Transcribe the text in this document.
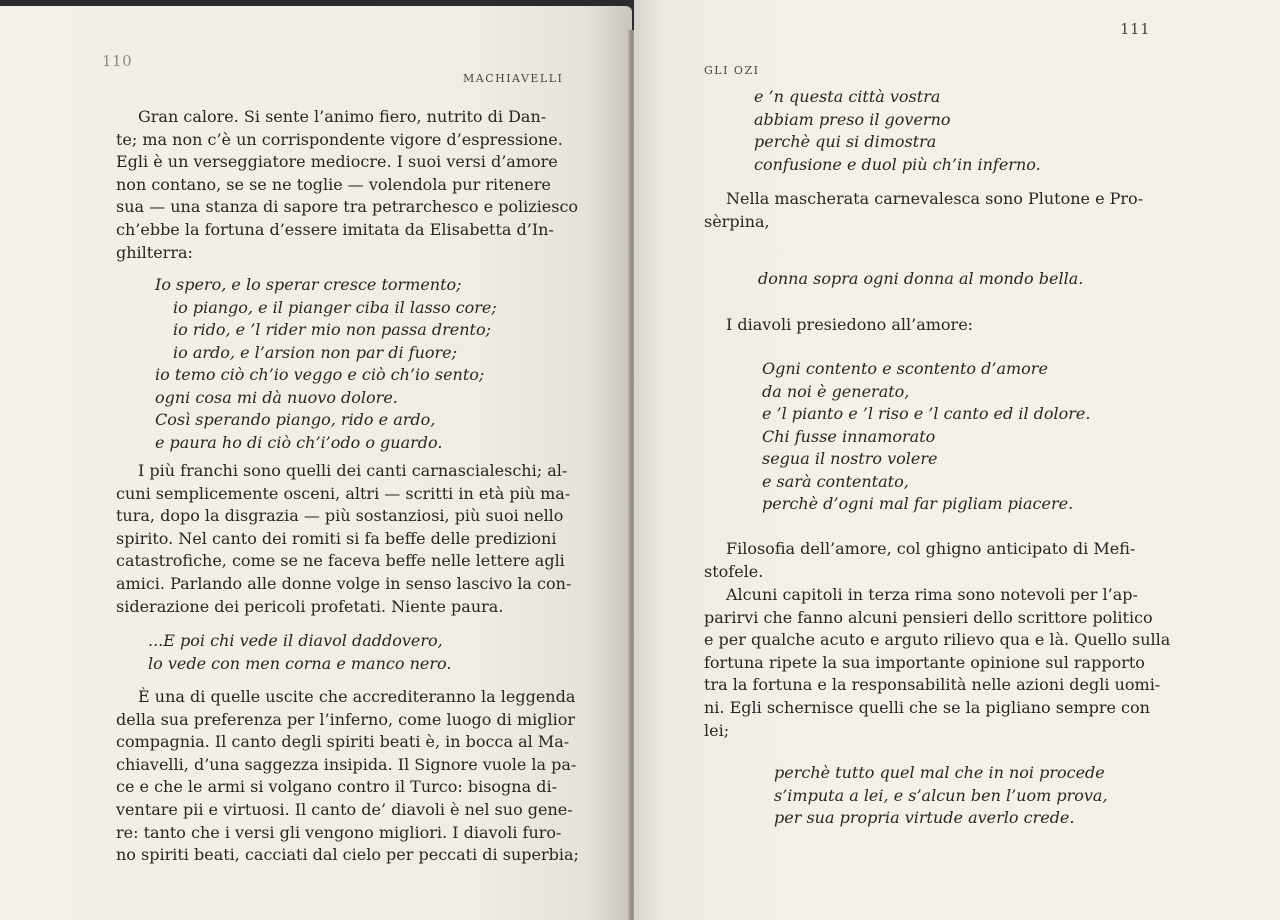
110
MACHIAVELLI
Gran calore. Si sente l’animo fiero, nutrito di Dan-
te; ma non c’è un corrispondente vigore d’espressione.
Egli è un verseggiatore mediocre. I suoi versi d’amore
non contano, se se ne toglie — volendola pur ritenere
sua — una stanza di sapore tra petrarchesco e poliziesco
ch’ebbe la fortuna d’essere imitata da Elisabetta d’In-
ghilterra:
Io spero, e lo sperar cresce tormento;
io piango, e il pianger ciba il lasso core;
io rido, e ’l rider mio non passa drento;
io ardo, e l’arsion non par di fuore;
io temo ciò ch’io veggo e ciò ch’io sento;
ogni cosa mi dà nuovo dolore.
Così sperando piango, rido e ardo,
e paura ho di ciò ch’i’odo o guardo.
I più franchi sono quelli dei canti carnascialeschi; al-
cuni semplicemente osceni, altri — scritti in età più ma-
tura, dopo la disgrazia — più sostanziosi, più suoi nello
spirito. Nel canto dei romiti si fa beffe delle predizioni
catastrofiche, come se ne faceva beffe nelle lettere agli
amici. Parlando alle donne volge in senso lascivo la con-
siderazione dei pericoli profetati. Niente paura.
...E poi chi vede il diavol daddovero,
lo vede con men corna e manco nero.
È una di quelle uscite che accrediteranno la leggenda
della sua preferenza per l’inferno, come luogo di miglior
compagnia. Il canto degli spiriti beati è, in bocca al Ma-
chiavelli, d’una saggezza insipida. Il Signore vuole la pa-
ce e che le armi si volgano contro il Turco: bisogna di-
ventare pii e virtuosi. Il canto de’ diavoli è nel suo gene-
re: tanto che i versi gli vengono migliori. I diavoli furo-
no spiriti beati, cacciati dal cielo per peccati di superbia;
111
GLI OZI
e ’n questa città vostra
abbiam preso il governo
perchè qui si dimostra
confusione e duol più ch’in inferno.
Nella mascherata carnevalesca sono Plutone e Pro-
sèrpina,
donna sopra ogni donna al mondo bella.
I diavoli presiedono all’amore:
Ogni contento e scontento d’amore
da noi è generato,
e ’l pianto e ’l riso e ’l canto ed il dolore.
Chi fusse innamorato
segua il nostro volere
e sarà contentato,
perchè d’ogni mal far pigliam piacere.
Filosofia dell’amore, col ghigno anticipato di Mefi-
stofele.
Alcuni capitoli in terza rima sono notevoli per l’ap-
parirvi che fanno alcuni pensieri dello scrittore politico
e per qualche acuto e arguto rilievo qua e là. Quello sulla
fortuna ripete la sua importante opinione sul rapporto
tra la fortuna e la responsabilità nelle azioni degli uomi-
ni. Egli schernisce quelli che se la pigliano sempre con
lei;
perchè tutto quel mal che in noi procede
s’imputa a lei, e s’alcun ben l’uom prova,
per sua propria virtude averlo crede.
